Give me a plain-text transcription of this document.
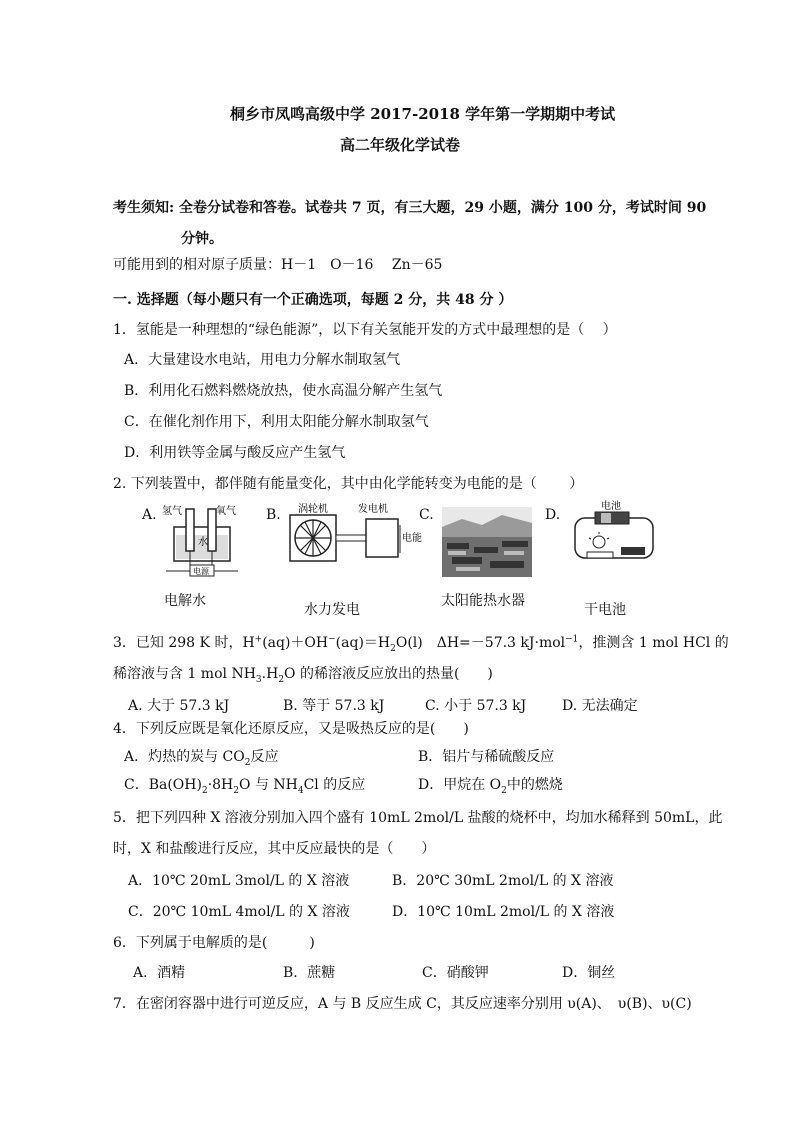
桐乡市凤鸣高级中学 2017-2018 学年第一学期期中考试
高二年级化学试卷
考生须知: 全卷分试卷和答卷。试卷共 7 页，有三大题，29 小题，满分 100 分，考试时间 90
分钟。
可能用到的相对原子质量：H－1　O－16　 Zn－65
一. 选择题（每小题只有一个正确选项，每题 2 分，共 48 分 ）
1．氢能是一种理想的“绿色能源”，以下有关氢能开发的方式中最理想的是（　 ）
A．大量建设水电站，用电力分解水制取氢气
B．利用化石燃料燃烧放热，使水高温分解产生氢气
C．在催化剂作用下，利用太阳能分解水制取氢气
D．利用铁等金属与酸反应产生氢气
2. 下列装置中，都伴随有能量变化，其中由化学能转变为电能的是（　　 ）
A.	B.	C.	D.
氢气	氧气
水
电源
涡轮机	发电机
电能
电池
电解水
水力发电
太阳能热水器
干电池
3．已知 298 K 时，$H^+(aq)+OH^-(aq)=H_2O(l)$　ΔH=－57.3 kJ·mol$^{-1}$，推测含 1 mol HCl 的
稀溶液与含 1 mol $NH_3.H_2O$ 的稀溶液反应放出的热量(　　)
A. 大于 57.3 kJ	B. 等于 57.3 kJ	C. 小于 57.3 kJ	D. 无法确定
4．下列反应既是氧化还原反应，又是吸热反应的是(　　)
A．灼热的炭与 $CO_2$反应	B．铝片与稀硫酸反应
C．$Ba(OH)_2\cdot 8H_2O$ 与 $NH_4Cl$ 的反应	D．甲烷在 $O_2$中的燃烧
5．把下列四种 X 溶液分别加入四个盛有 10mL 2mol/L 盐酸的烧杯中，均加水稀释到 50mL，此
时，X 和盐酸进行反应，其中反应最快的是（　　）
A．10℃ 20mL 3mol/L 的 X 溶液	B．20℃ 30mL 2mol/L 的 X 溶液
C．20℃ 10mL 4mol/L 的 X 溶液	D．10℃ 10mL 2mol/L 的 X 溶液
6．下列属于电解质的是(　　　)
A．酒精	B．蔗糖	C．硝酸钾	D．铜丝
7．在密闭容器中进行可逆反应，A 与 B 反应生成 C，其反应速率分别用 υ(A)、　υ(B)、υ(C)
